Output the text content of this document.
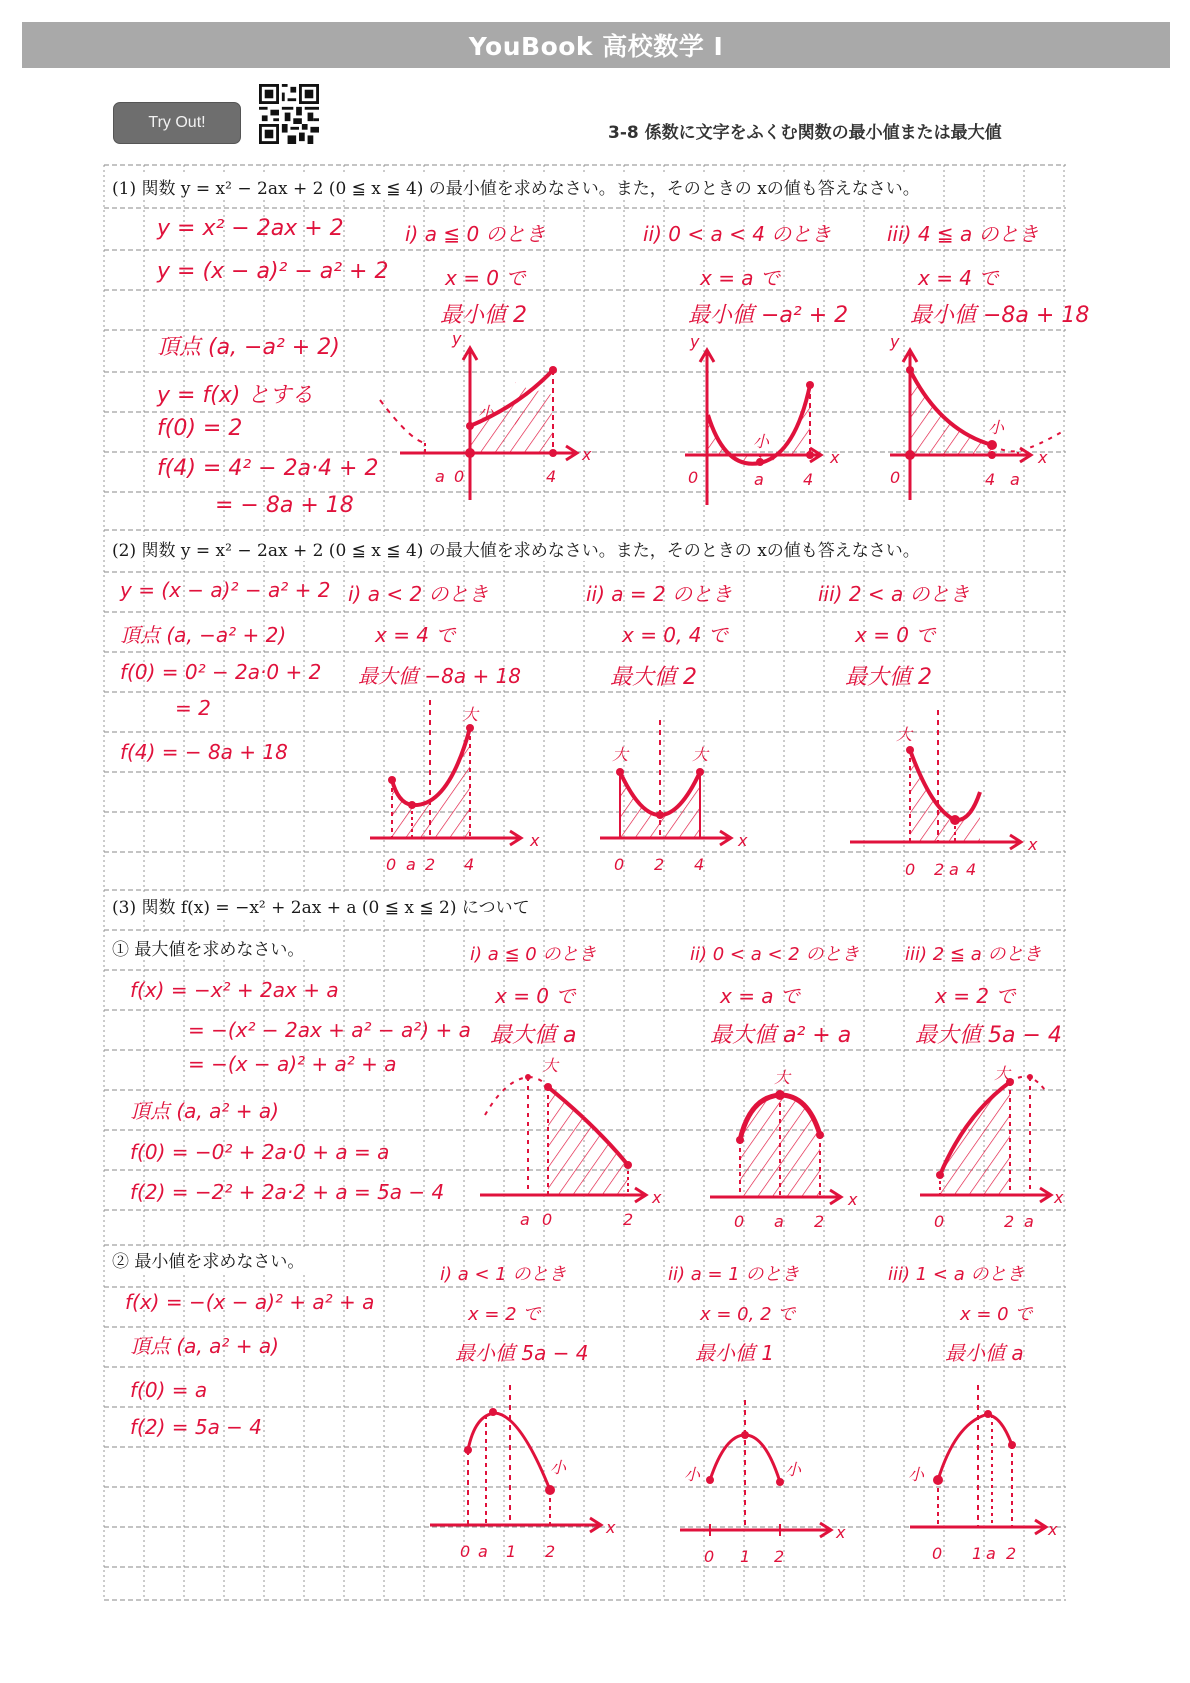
YouBook 高校数学 I
Try Out!
3-8 係数に文字をふくむ関数の最小値または最大値
(1) 関数 y = x² − 2ax + 2 (0 ≦ x ≦ 4) の最小値を求めなさい。また，そのときの xの値も答えなさい。
y = x² − 2ax + 2
y = (x − a)² − a² + 2
頂点 (a, −a² + 2)
y = f(x) とする
f(0) = 2
f(4) = 4² − 2a·4 + 2
= − 8a + 18
i) a ≦ 0 のとき
x = 0 で
最小値 2
ii) 0 < a < 4 のとき
x = a で
最小値 −a² + 2
iii) 4 ≦ a のとき
x = 4 で
最小値 −8a + 18
y
小
a 0	4
x
y
小
0	a 4
x
y
小
0	4 a
x
(2) 関数 y = x² − 2ax + 2 (0 ≦ x ≦ 4) の最大値を求めなさい。また，そのときの xの値も答えなさい。
y = (x − a)² − a² + 2
頂点 (a, −a² + 2)
f(0) = 0² − 2a·0 + 2
= 2
f(4) = − 8a + 18
i) a < 2 のとき
x = 4 で
最大値 −8a + 18
ii) a = 2 のとき
x = 0, 4 で
最大値 2
iii) 2 < a のとき
x = 0 で
最大値 2
大
0 a 2 4
x
大	大
0 2 4
x
大
0 2 a 4
x
(3) 関数 f(x) = −x² + 2ax + a (0 ≦ x ≦ 2) について
① 最大値を求めなさい。
f(x) = −x² + 2ax + a
= −(x² − 2ax + a² − a²) + a
= −(x − a)² + a² + a
頂点 (a, a² + a)
f(0) = −0² + 2a·0 + a = a
f(2) = −2² + 2a·2 + a = 5a − 4
i) a ≦ 0 のとき
x = 0 で
最大値 a
ii) 0 < a < 2 のとき
x = a で
最大値 a² + a
iii) 2 ≦ a のとき
x = 2 で
最大値 5a − 4
大
a 0	2
x
大
0 a 2
x
大
0	2 a
x
② 最小値を求めなさい。
f(x) = −(x − a)² + a² + a
頂点 (a, a² + a)
f(0) = a
f(2) = 5a − 4
i) a < 1 のとき
x = 2 で
最小値 5a − 4
ii) a = 1 のとき
x = 0, 2 で
最小値 1
iii) 1 < a のとき
x = 0 で
最小値 a
小
0 a 1 2
x
小	小
0 1 2
x
小
0 1 a 2
x
